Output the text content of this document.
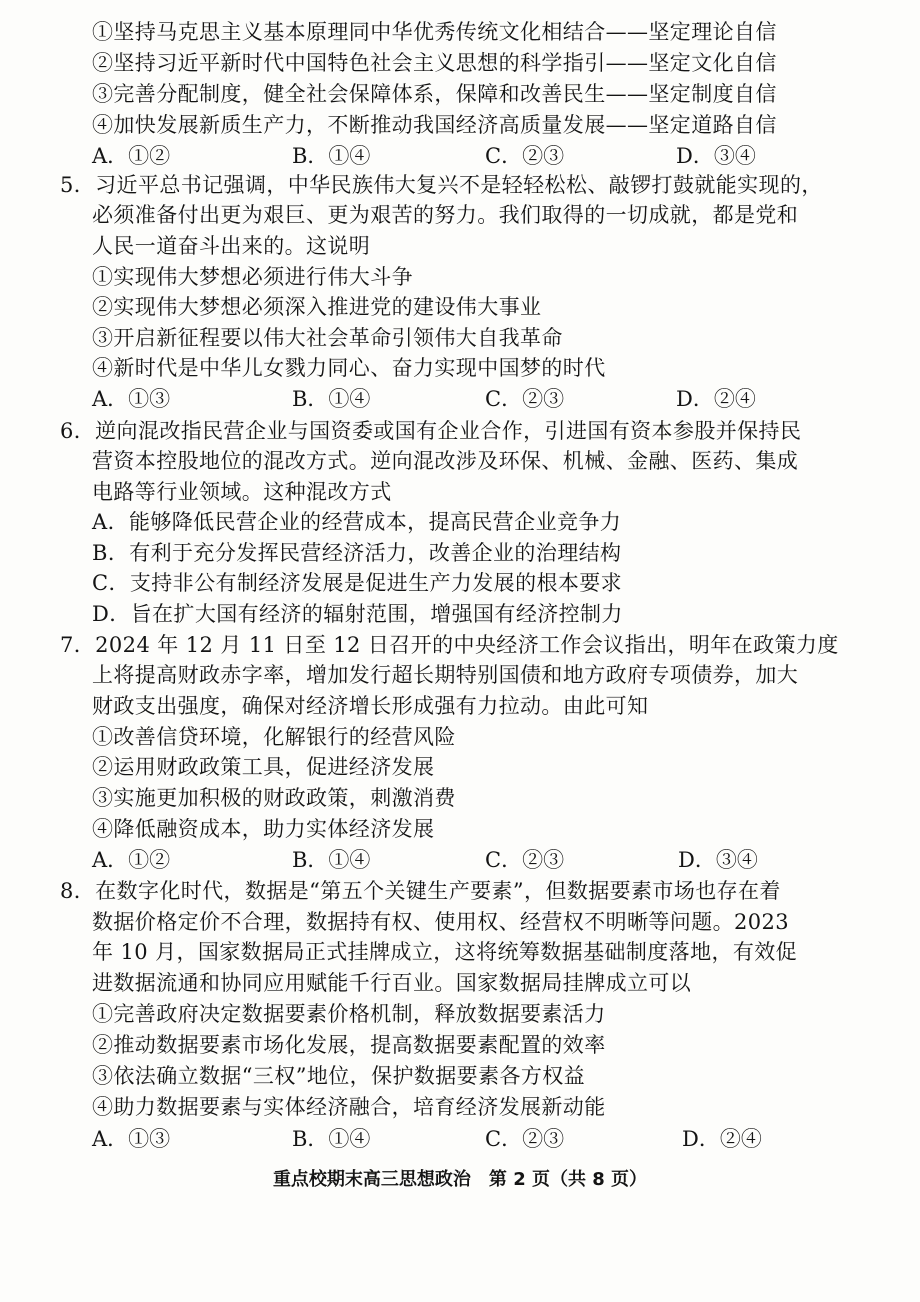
①坚持马克思主义基本原理同中华优秀传统文化相结合——坚定理论自信
②坚持习近平新时代中国特色社会主义思想的科学指引——坚定文化自信
③完善分配制度，健全社会保障体系，保障和改善民生——坚定制度自信
④加快发展新质生产力，不断推动我国经济高质量发展——坚定道路自信
A．①②	B．①④	C．②③	D．③④
5．习近平总书记强调，中华民族伟大复兴不是轻轻松松、敲锣打鼓就能实现的，
必须准备付出更为艰巨、更为艰苦的努力。我们取得的一切成就，都是党和
人民一道奋斗出来的。这说明
①实现伟大梦想必须进行伟大斗争
②实现伟大梦想必须深入推进党的建设伟大事业
③开启新征程要以伟大社会革命引领伟大自我革命
④新时代是中华儿女戮力同心、奋力实现中国梦的时代
A．①③	B．①④	C．②③	D．②④
6．逆向混改指民营企业与国资委或国有企业合作，引进国有资本参股并保持民
营资本控股地位的混改方式。逆向混改涉及环保、机械、金融、医药、集成
电路等行业领域。这种混改方式
A．能够降低民营企业的经营成本，提高民营企业竞争力
B．有利于充分发挥民营经济活力，改善企业的治理结构
C．支持非公有制经济发展是促进生产力发展的根本要求
D．旨在扩大国有经济的辐射范围，增强国有经济控制力
7．2024 年 12 月 11 日至 12 日召开的中央经济工作会议指出，明年在政策力度
上将提高财政赤字率，增加发行超长期特别国债和地方政府专项债券，加大
财政支出强度，确保对经济增长形成强有力拉动。由此可知
①改善信贷环境，化解银行的经营风险
②运用财政政策工具，促进经济发展
③实施更加积极的财政政策，刺激消费
④降低融资成本，助力实体经济发展
A．①②	B．①④	C．②③	D．③④
8．在数字化时代，数据是“第五个关键生产要素”，但数据要素市场也存在着
数据价格定价不合理，数据持有权、使用权、经营权不明晰等问题。2023
年 10 月，国家数据局正式挂牌成立，这将统筹数据基础制度落地，有效促
进数据流通和协同应用赋能千行百业。国家数据局挂牌成立可以
①完善政府决定数据要素价格机制，释放数据要素活力
②推动数据要素市场化发展，提高数据要素配置的效率
③依法确立数据“三权”地位，保护数据要素各方权益
④助力数据要素与实体经济融合，培育经济发展新动能
A．①③	B．①④	C．②③	D．②④
重点校期末高三思想政治　第 2 页（共 8 页）
